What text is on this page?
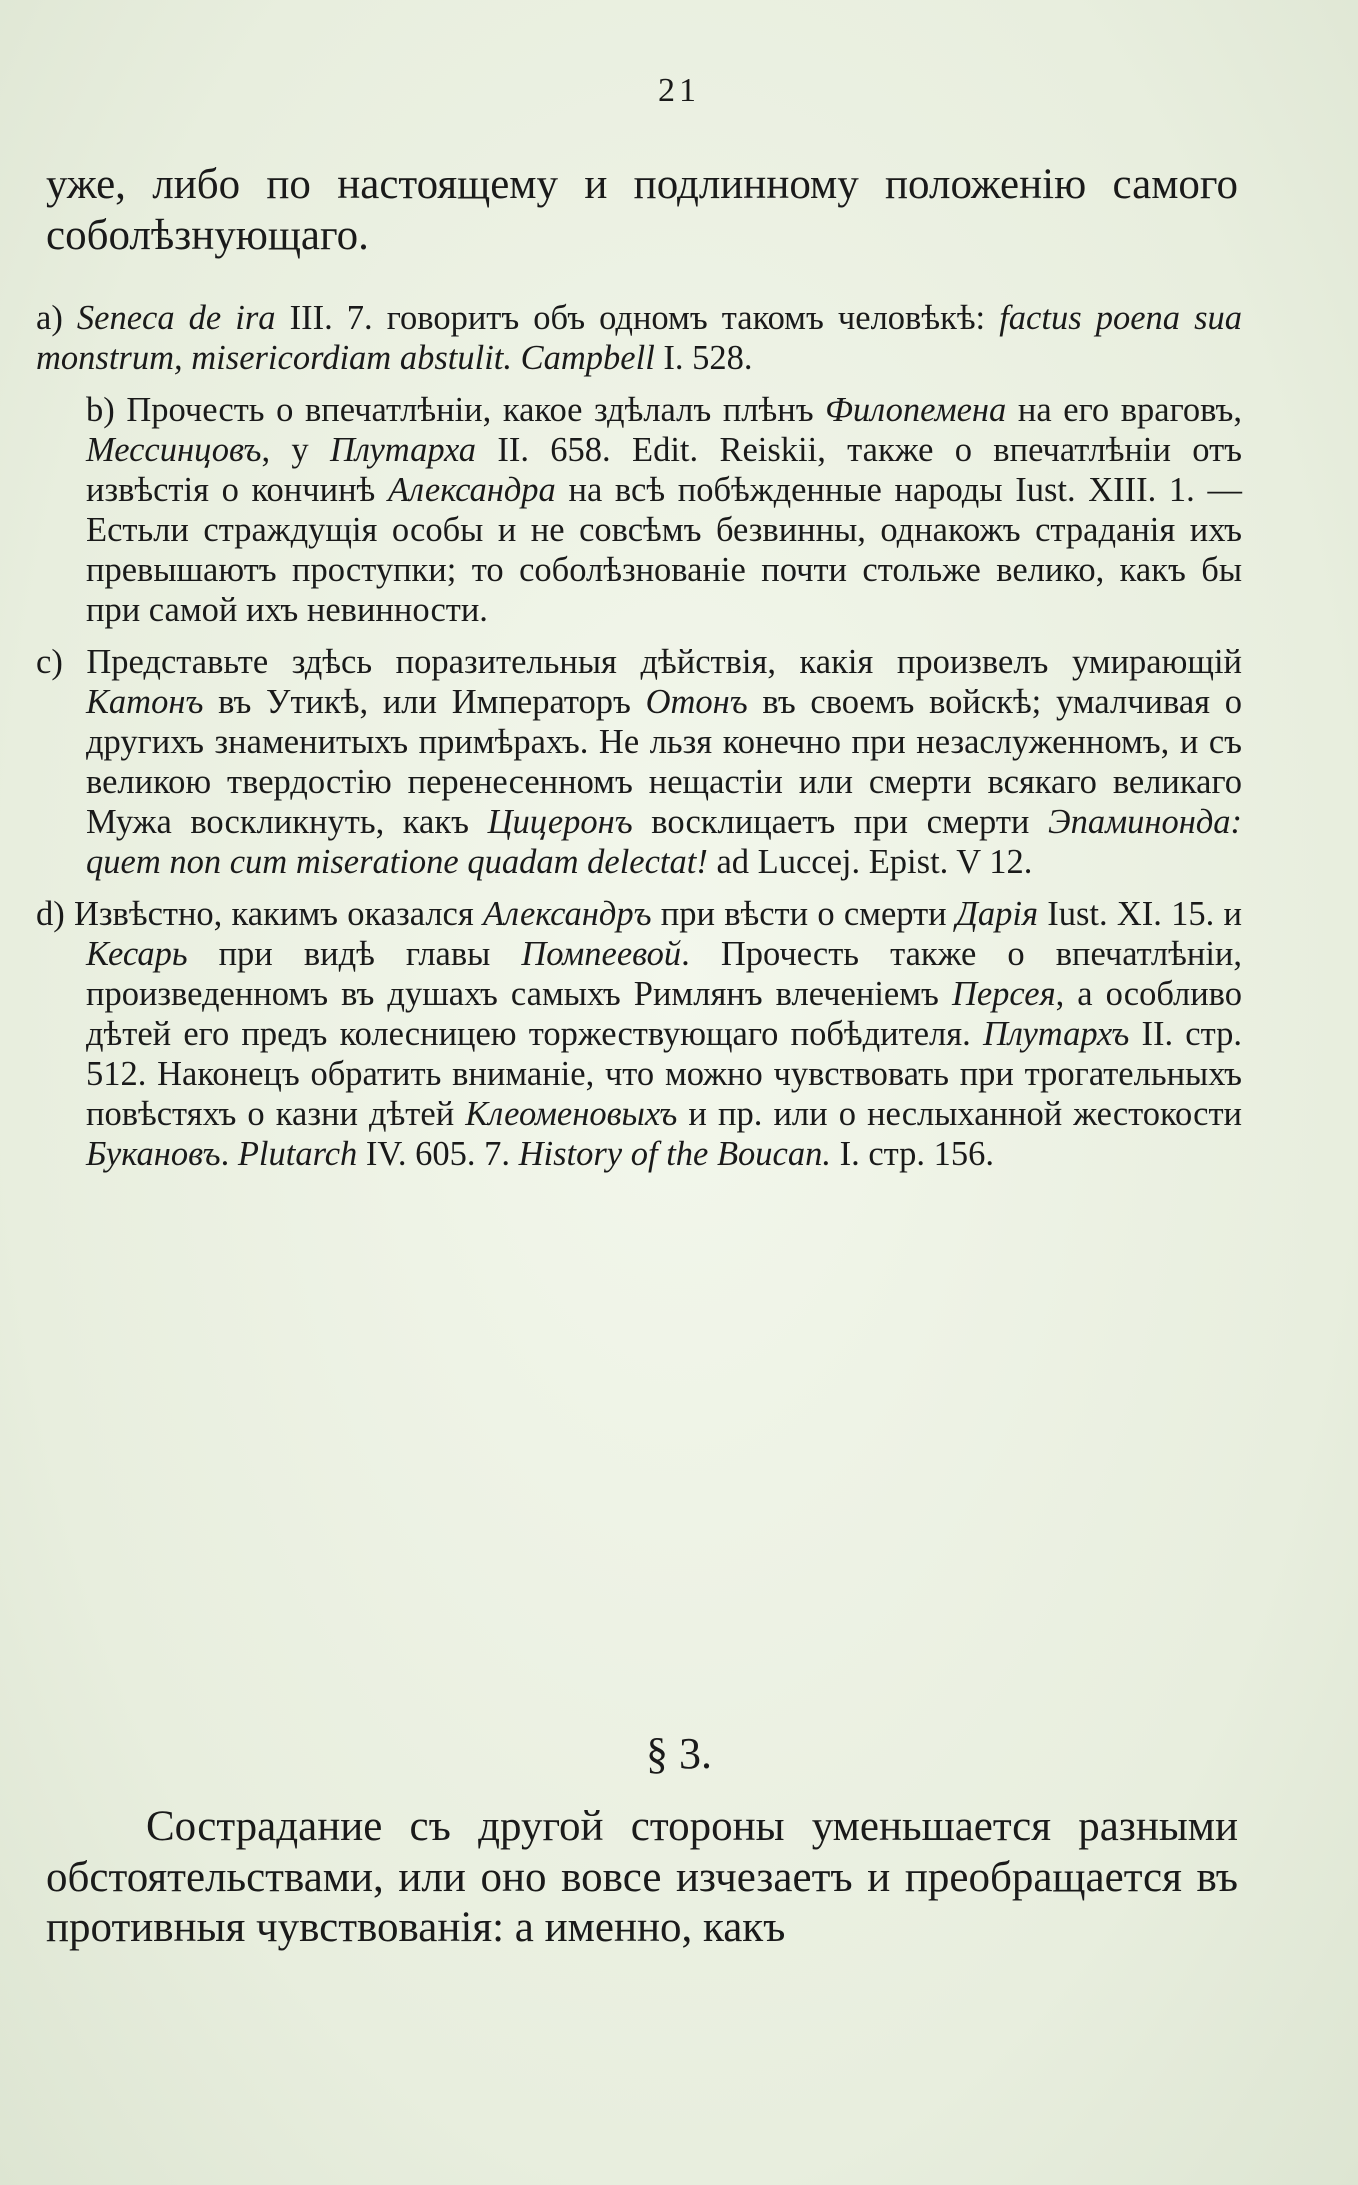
21
уже, либо по настоящему и подлинному положенію самого соболѣзнующаго.

a) Seneca de ira III. 7. говоритъ объ одномъ такомъ человѣкѣ: factus poena sua monstrum, misericordiam abstulit. Campbell I. 528.

b) Прочесть о впечатлѣніи, какое здѣлалъ плѣнъ Филопемена на его враговъ, Мессинцовъ, у Плутарха II. 658. Edit. Reiskii, также о впечатлѣніи отъ извѣстія о кончинѣ Александра на всѣ побѣжденные народы Iust. XIII. 1. — Естьли страждущія особы и не совсѣмъ безвинны, однакожъ страданія ихъ превышаютъ проступки; то соболѣзнованіе почти стольже велико, какъ бы при самой ихъ невинности.

c) Представьте здѣсь поразительныя дѣйствія, какія произвелъ умирающій Катонъ въ Утикѣ, или Императоръ Отонъ въ своемъ войскѣ; умалчивая о другихъ знаменитыхъ примѣрахъ. Не льзя конечно при незаслуженномъ, и съ великою твердостію перенесенномъ нещастіи или смерти всякаго великаго Мужа воскликнуть, какъ Цицеронъ восклицаетъ при смерти Эпаминонда: quem non cum miseratione quadam delectat! ad Luccej. Epist. V 12.

d) Извѣстно, какимъ оказался Александръ при вѣсти о смерти Дарія Iust. XI. 15. и Кесарь при видѣ главы Помпеевой. Прочесть также о впечатлѣніи, произведенномъ въ душахъ самыхъ Римлянъ влеченіемъ Персея, а особливо дѣтей его предъ колесницею торжествующаго побѣдителя. Плутархъ II. стр. 512. Наконецъ обратить вниманіе, что можно чувствовать при трогательныхъ повѣстяхъ о казни дѣтей Клеоменовыхъ и пр. или о неслыханной жестокости Букановъ. Plutarch IV. 605. 7. History of the Boucan. I. стр. 156.

§ 3.
Сострадание съ другой стороны уменьшается разными обстоятельствами, или оно вовсе изчезаетъ и преобращается въ противныя чувствованія: а именно, какъ
